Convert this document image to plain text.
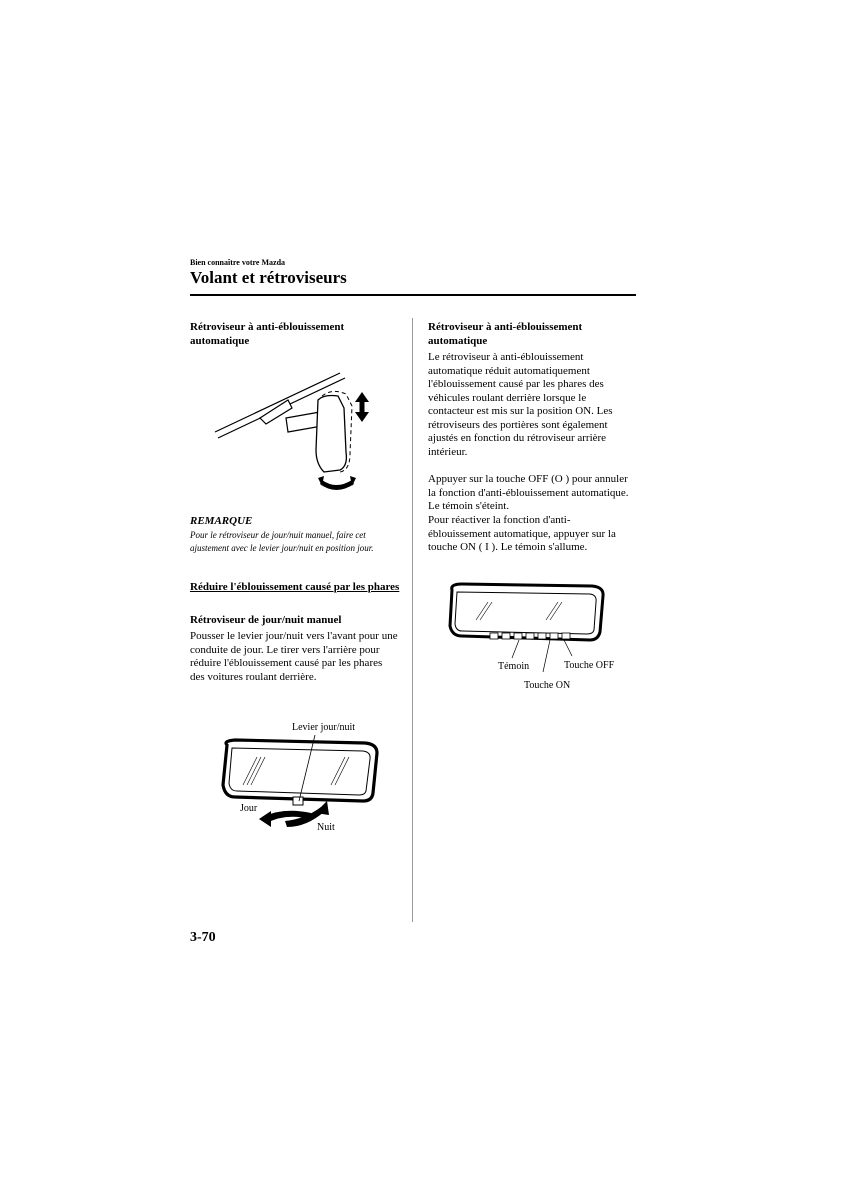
Bien connaître votre Mazda
Volant et rétroviseurs
Rétroviseur à anti-éblouissement automatique
REMARQUE
Pour le rétroviseur de jour/nuit manuel, faire cet ajustement avec le levier jour/nuit en position jour.
Réduire l'éblouissement causé par les phares
Rétroviseur de jour/nuit manuel
Pousser le levier jour/nuit vers l'avant pour une conduite de jour. Le tirer vers l'arrière pour réduire l'éblouissement causé par les phares des voitures roulant derrière.
Levier jour/nuit
Jour
Nuit
Rétroviseur à anti-éblouissement automatique
Le rétroviseur à anti-éblouissement automatique réduit automatiquement l'éblouissement causé par les phares des véhicules roulant derrière lorsque le contacteur est mis sur la position ON. Les rétroviseurs des portières sont également ajustés en fonction du rétroviseur arrière intérieur.
Appuyer sur la touche OFF (O ) pour annuler la fonction d'anti-éblouissement automatique. Le témoin s'éteint.
Pour réactiver la fonction d'anti-éblouissement automatique, appuyer sur la touche ON ( I ). Le témoin s'allume.
Témoin	Touche OFF
Touche ON
3-70
